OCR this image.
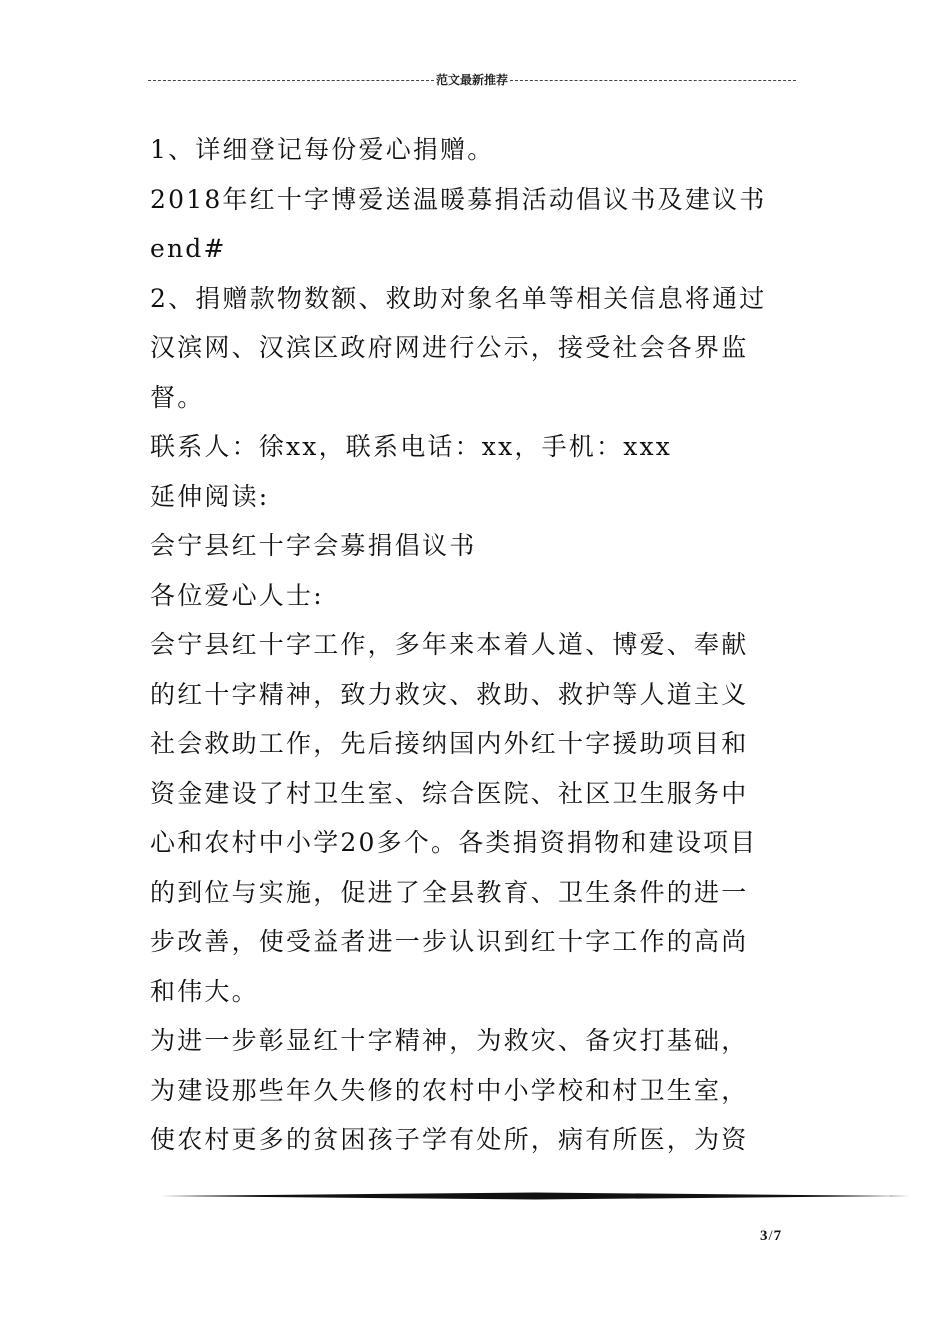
范文最新推荐
1、详细登记每份爱心捐赠。
2018年红十字博爱送温暖募捐活动倡议书及建议书
end#
2、捐赠款物数额、救助对象名单等相关信息将通过
汉滨网、汉滨区政府网进行公示，接受社会各界监
督。
联系人：徐xx，联系电话：xx，手机：xxx
延伸阅读:
会宁县红十字会募捐倡议书
各位爱心人士:
会宁县红十字工作，多年来本着人道、博爱、奉献
的红十字精神，致力救灾、救助、救护等人道主义
社会救助工作，先后接纳国内外红十字援助项目和
资金建设了村卫生室、综合医院、社区卫生服务中
心和农村中小学20多个。各类捐资捐物和建设项目
的到位与实施，促进了全县教育、卫生条件的进一
步改善，使受益者进一步认识到红十字工作的高尚
和伟大。
为进一步彰显红十字精神，为救灾、备灾打基础，
为建设那些年久失修的农村中小学校和村卫生室，
使农村更多的贫困孩子学有处所，病有所医，为资
3/7
